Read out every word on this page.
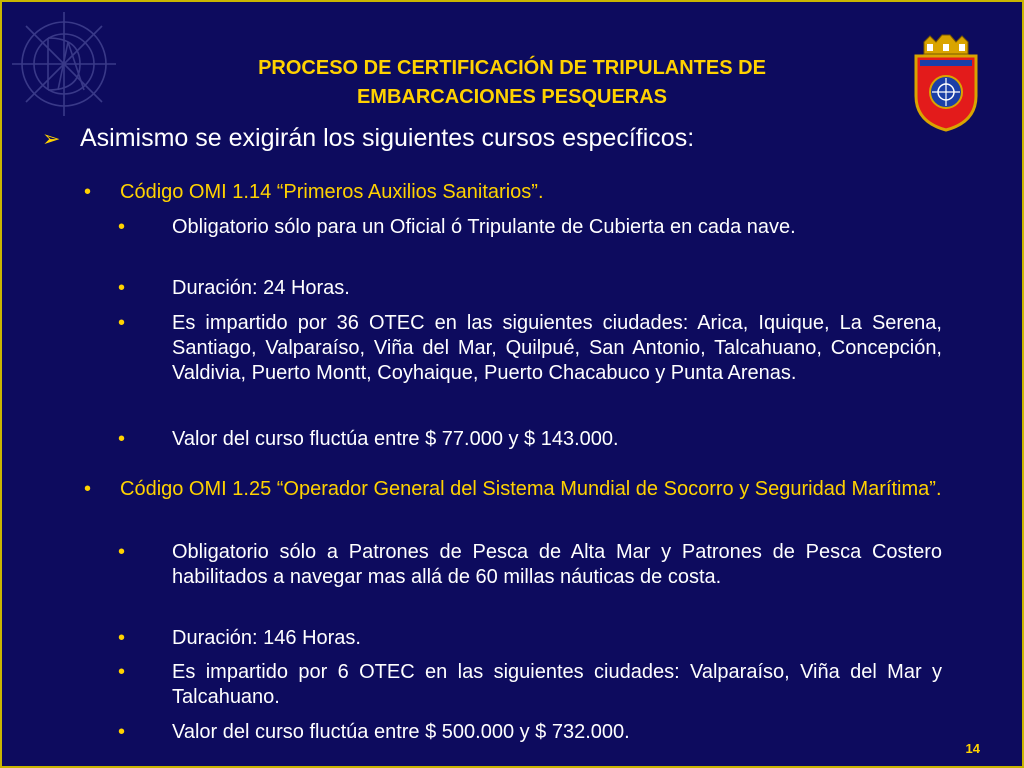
PROCESO DE CERTIFICACIÓN DE TRIPULANTES DE
EMBARCACIONES PESQUERAS
➢ Asimismo se exigirán los siguientes cursos específicos:
• Código OMI 1.14 “Primeros Auxilios Sanitarios”.
• Obligatorio sólo para un Oficial ó Tripulante de Cubierta en cada nave.
• Duración: 24 Horas.
• Es impartido por 36 OTEC en las siguientes ciudades: Arica, Iquique, La Serena, Santiago, Valparaíso, Viña del Mar, Quilpué, San Antonio, Talcahuano, Concepción, Valdivia, Puerto Montt, Coyhaique, Puerto Chacabuco y Punta Arenas.
• Valor del curso fluctúa entre $ 77.000 y $ 143.000.
• Código OMI 1.25 “Operador General del Sistema Mundial de Socorro y Seguridad Marítima”.
• Obligatorio sólo a Patrones de Pesca de Alta Mar y Patrones de Pesca Costero habilitados a navegar mas allá de 60 millas náuticas de costa.
• Duración: 146 Horas.
• Es impartido por 6 OTEC en las siguientes ciudades: Valparaíso, Viña del Mar y Talcahuano.
• Valor del curso fluctúa entre $ 500.000 y $ 732.000.
14
